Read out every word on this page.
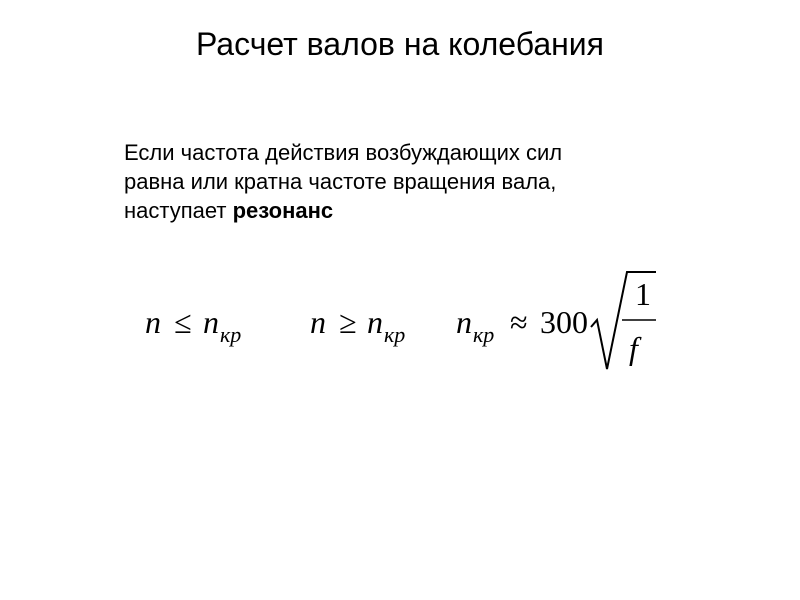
Расчет валов на колебания
Если частота действия возбуждающих сил
равна или кратна частоте вращения вала,
наступает резонанс
n ≤ n кр n ≥ n кр n кр ≈ 300
1
f
